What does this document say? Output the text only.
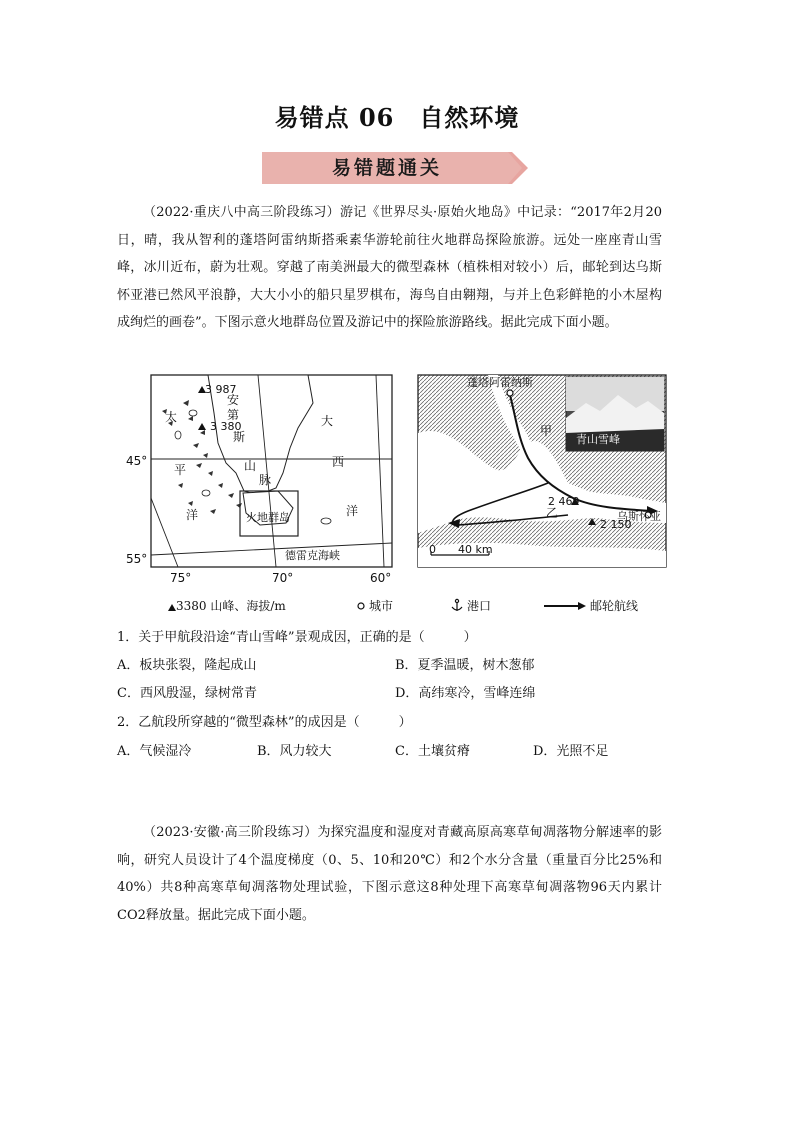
易错点 06　自然环境
易错题通关
（2022·重庆八中高三阶段练习）游记《世界尽头·原始火地岛》中记录：“2017年2月20日，晴，我从智利的蓬塔阿雷纳斯搭乘素华游轮前往火地群岛探险旅游。远处一座座青山雪峰，冰川近布，蔚为壮观。穿越了南美洲最大的微型森林（植株相对较小）后，邮轮到达乌斯怀亚港已然风平浪静，大大小小的船只星罗棋布，海鸟自由翱翔，与并上色彩鲜艳的小木屋构成绚烂的画卷”。下图示意火地群岛位置及游记中的探险旅游路线。据此完成下面小题。
3 987
3 380
安
第
斯
山
脉
太
平
洋
大
西
洋
火地群岛
德雷克海峡
45°
55°
75°	70°	60°
青山雪峰
蓬塔阿雷纳斯
乌斯怀亚
2 469
2 150
0　　40 km
甲
乙
3380 山峰、海拔/m	城市	港口	邮轮航线
1．关于甲航段沿途“青山雪峰”景观成因，正确的是（　　　）
A．板块张裂，隆起成山	B．夏季温暖，树木葱郁
C．西风殷湿，绿树常青	D．高纬寒冷，雪峰连绵
2．乙航段所穿越的“微型森林”的成因是（　　　）
A．气候湿冷	B．风力较大	C．土壤贫瘠	D．光照不足
（2023·安徽·高三阶段练习）为探究温度和湿度对青藏高原高寒草甸凋落物分解速率的影响，研究人员设计了4个温度梯度（0、5、10和20℃）和2个水分含量（重量百分比25%和40%）共8种高寒草甸凋落物处理试验，下图示意这8种处理下高寒草甸凋落物96天内累计CO2释放量。据此完成下面小题。
